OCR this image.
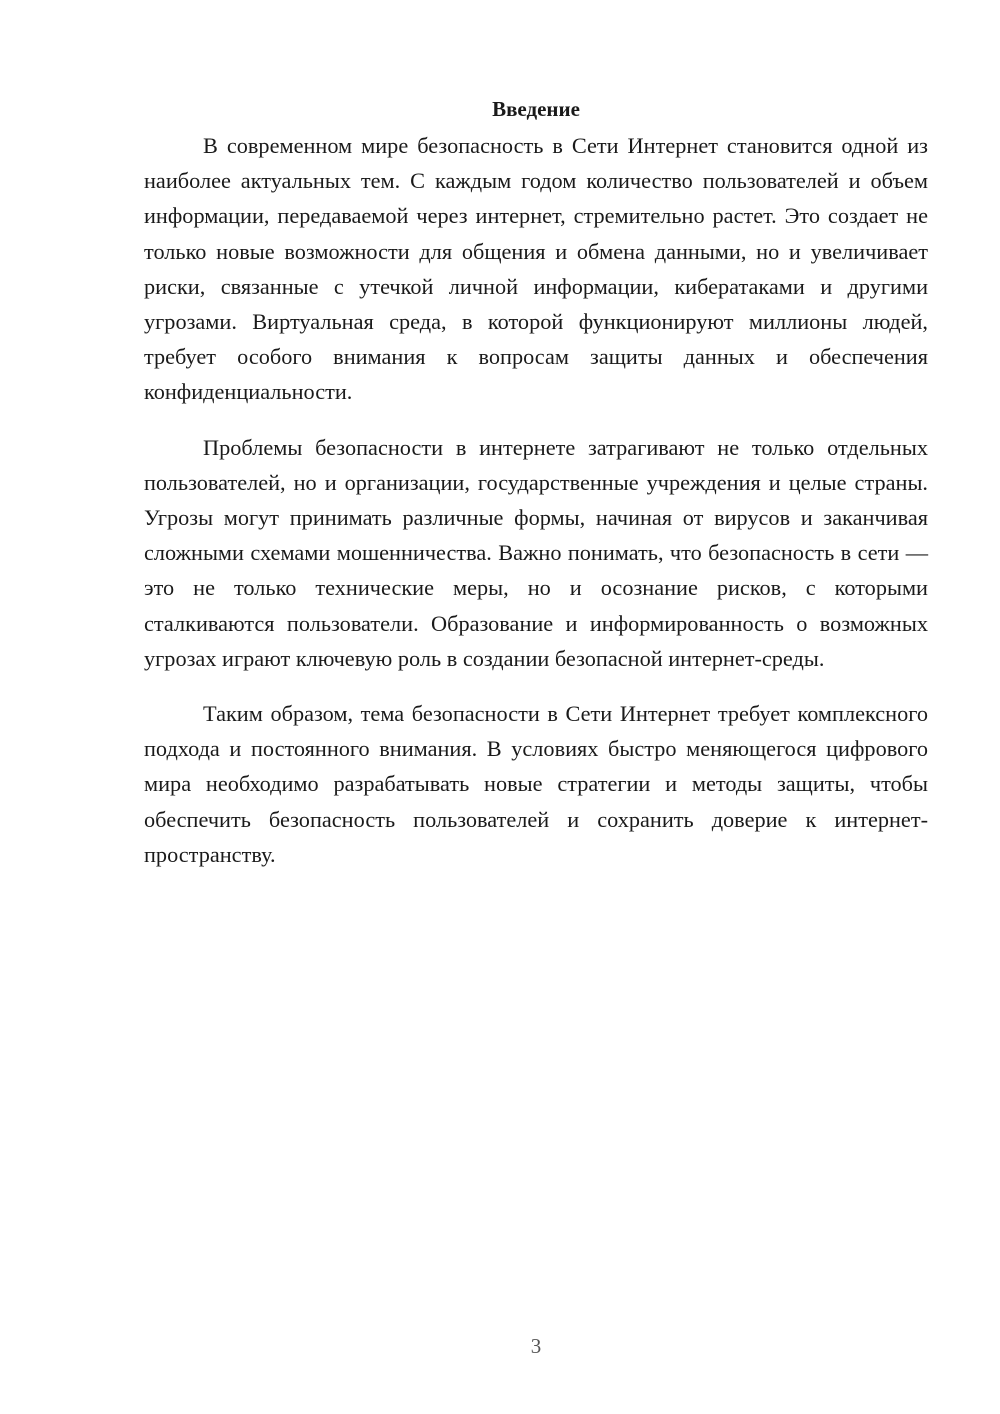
Введение

В современном мире безопасность в Сети Интернет становится одной из наиболее актуальных тем. С каждым годом количество пользователей и объем информации, передаваемой через интернет, стремительно растет. Это создает не только новые возможности для общения и обмена данными, но и увеличивает риски, связанные с утечкой личной информации, кибератаками и другими угрозами. Виртуальная среда, в которой функционируют миллионы людей, требует особого внимания к вопросам защиты данных и обеспечения конфиденциальности.

Проблемы безопасности в интернете затрагивают не только отдельных пользователей, но и организации, государственные учреждения и целые страны. Угрозы могут принимать различные формы, начиная от вирусов и заканчивая сложными схемами мошенничества. Важно понимать, что безопасность в сети — это не только технические меры, но и осознание рисков, с которыми сталкиваются пользователи. Образование и информированность о возможных угрозах играют ключевую роль в создании безопасной интернет-среды.

Таким образом, тема безопасности в Сети Интернет требует комплексного подхода и постоянного внимания. В условиях быстро меняющегося цифрового мира необходимо разрабатывать новые стратегии и методы защиты, чтобы обеспечить безопасность пользователей и сохранить доверие к интернет-пространству.

3
